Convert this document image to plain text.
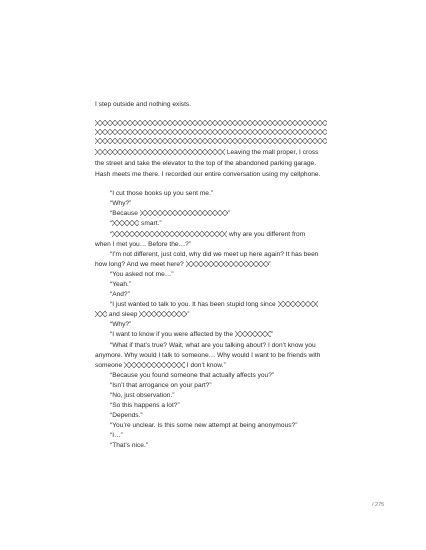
I step outside and nothing exists.
Leaving the mall proper, I cross
the street and take the elevator to the top of the abandoned parking garage.
Hash meets me there. I recorded our entire conversation using my cellphone.
“I cut those books up you sent me.”
“Why?”
“Because	”
“	smart.”
“	why are you different from
when I met you… Before the…?”
“I’m not different, just cold, why did we meet up here again? It has been
how long? And we meet here?	”
“You asked not me…”
“Yeah.”
“And?”
“I just wanted to talk to you. It has been stupid long since
and sleep	”
“Why?”
“I want to know if you were affected by the	”
“What if that’s true? Wait, what are you talking about? I don’t know you
anymore. Why would I talk to someone… Why would I want to be friends with
someone	I don’t know.”
“Because you found someone that actually affects you?”
“Isn’t that arrogance on your part?”
“No, just observation.”
“So this happens a lot?”
“Depends.”
“You’re unclear. Is this some new attempt at being anonymous?”
“I…”
“That’s nice.”
/ 275
